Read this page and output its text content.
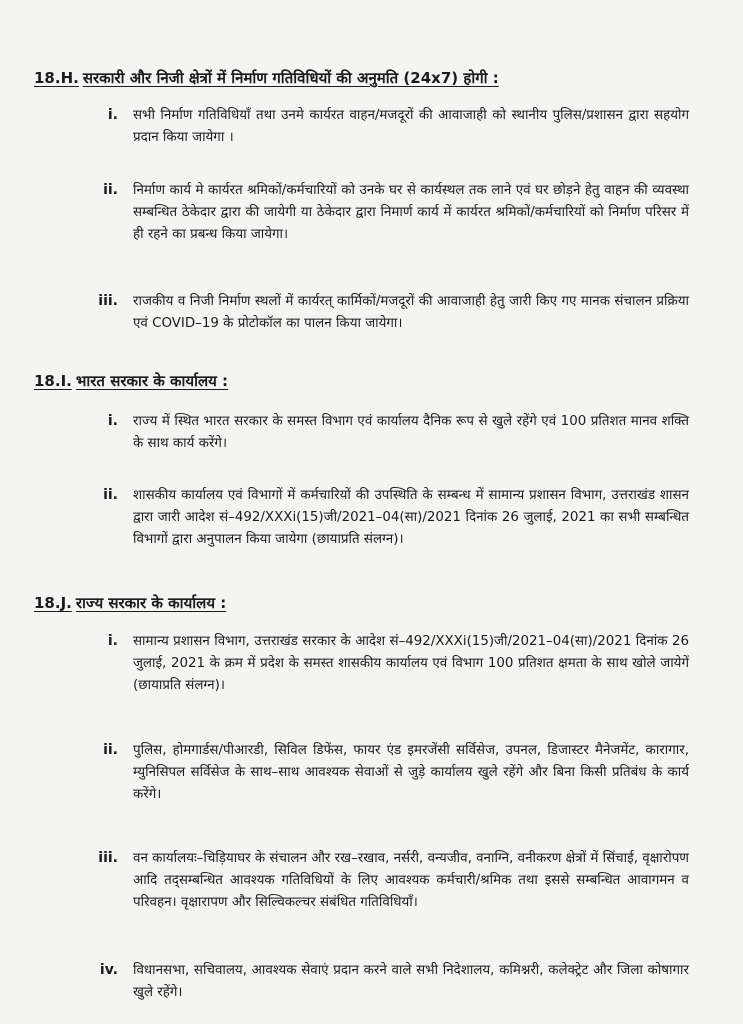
18.H. सरकारी और निजी क्षेत्रों में निर्माण गतिविधियों की अनुमति (24x7) होगी :
i. सभी निर्माण गतिविधियाँ तथा उनमे कार्यरत वाहन/मजदूरों की आवाजाही को स्थानीय पुलिस/प्रशासन द्वारा सहयोग प्रदान किया जायेगा ।
ii. निर्माण कार्य मे कार्यरत श्रमिकों/कर्मचारियों को उनके घर से कार्यस्थल तक लाने एवं घर छोड़ने हेतु वाहन की व्यवस्था सम्बन्धित ठेकेदार द्वारा की जायेगी या ठेकेदार द्वारा निमार्ण कार्य में कार्यरत श्रमिकों/कर्मचारियों को निर्माण परिसर में ही रहने का प्रबन्ध किया जायेगा।
iii. राजकीय व निजी निर्माण स्थलों में कार्यरत् कार्मिकों/मजदूरों की आवाजाही हेतु जारी किए गए मानक संचालन प्रक्रिया एवं COVID–19 के प्रोटोकॉल का पालन किया जायेगा।
18.I. भारत सरकार के कार्यालय :
i. राज्य में स्थित भारत सरकार के समस्त विभाग एवं कार्यालय दैनिक रूप से खुले रहेंगे एवं 100 प्रतिशत मानव शक्ति के साथ कार्य करेंगे।
ii. शासकीय कार्यालय एवं विभागों में कर्मचारियों की उपस्थिति के सम्बन्ध में सामान्य प्रशासन विभाग, उत्तराखंड शासन द्वारा जारी आदेश सं–492/XXXi(15)जी/2021–04(सा)/2021 दिनांक 26 जुलाई, 2021 का सभी सम्बन्धित विभागों द्वारा अनुपालन किया जायेगा (छायाप्रति संलग्न)।
18.J. राज्य सरकार के कार्यालय :
i. सामान्य प्रशासन विभाग, उत्तराखंड सरकार के आदेश सं–492/XXXi(15)जी/2021–04(सा)/2021 दिनांक 26 जुलाई, 2021 के क्रम में प्रदेश के समस्त शासकीय कार्यालय एवं विभाग 100 प्रतिशत क्षमता के साथ खोले जायेगें (छायाप्रति संलग्न)।
ii. पुलिस, होमगार्डस/पीआरडी, सिविल डिफेंस, फायर एंड इमरजेंसी सर्विसेज, उपनल, डिजास्टर मैनेजमेंट, कारागार, म्युनिसिपल सर्विसेज के साथ–साथ आवश्यक सेवाओं से जुड़े कार्यालय खुले रहेंगे और बिना किसी प्रतिबंध के कार्य करेंगे।
iii. वन कार्यालयः–चिड़ियाघर के संचालन और रख–रखाव, नर्सरी, वन्यजीव, वनाग्नि, वनीकरण क्षेत्रों में सिंचाई, वृक्षारोपण आदि तद्सम्बन्धित आवश्यक गतिविधियों के लिए आवश्यक कर्मचारी/श्रमिक तथा इससे सम्बन्धित आवागमन व परिवहन। वृक्षारापण और सिल्विकल्चर संबंधित गतिविधियाँ।
iv. विधानसभा, सचिवालय, आवश्यक सेवाएं प्रदान करने वाले सभी निदेशालय, कमिश्नरी, कलेक्ट्रेट और जिला कोषागार खुले रहेंगे।
